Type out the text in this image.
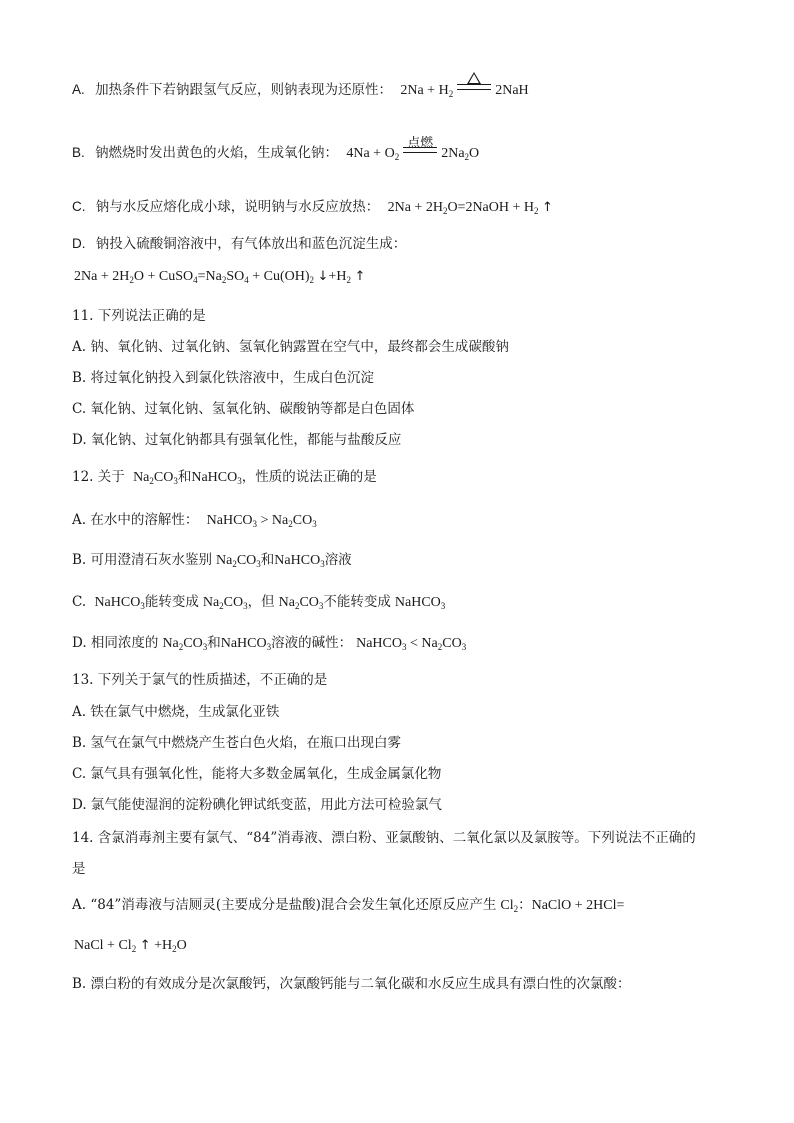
A. 加热条件下若钠跟氢气反应，则钠表现为还原性： $2Na + H_2$	2NaH
B. 钠燃烧时发出黄色的火焰，生成氧化钠： $4Na + O_2$
点燃
$2Na_2O$
C. 钠与水反应熔化成小球，说明钠与水反应放热： $2Na + 2H_2O=2NaOH + H_2$ ↑
D. 钠投入硫酸铜溶液中，有气体放出和蓝色沉淀生成：
$2Na + 2H_2O$ + $CuSO_4=Na_2SO_4 + Cu(OH)_2$ $↓+H_2$ ↑
11. 下列说法正确的是
A. 钠、氧化钠、过氧化钠、氢氧化钠露置在空气中，最终都会生成碳酸钠
B. 将过氧化钠投入到氯化铁溶液中，生成白色沉淀
C. 氧化钠、过氧化钠、氢氧化钠、碳酸钠等都是白色固体
D. 氧化钠、过氧化钠都具有强氧化性，都能与盐酸反应
12. 关于 $Na_2CO_3$和NaHCO$_3$，性质的说法正确的是
A. 在水中的溶解性： NaHCO$_3$ > $Na_2CO_3$
B. 可用澄清石灰水鉴别 $Na_2CO_3$和NaHCO$_3$溶液
C. NaHCO$_3$能转变成 $Na_2CO_3$，但 $Na_2CO_3$不能转变成 NaHCO$_3$
D. 相同浓度的 $Na_2CO_3$和NaHCO$_3$溶液的碱性： NaHCO$_3$ < $Na_2CO_3$
13. 下列关于氯气的性质描述，不正确的是
A. 铁在氯气中燃烧，生成氯化亚铁
B. 氢气在氯气中燃烧产生苍白色火焰，在瓶口出现白雾
C. 氯气具有强氧化性，能将大多数金属氧化，生成金属氯化物
D. 氯气能使湿润的淀粉碘化钾试纸变蓝，用此方法可检验氯气
14. 含氯消毒剂主要有氯气、“84”消毒液、漂白粉、亚氯酸钠、二氧化氯以及氯胺等。下列说法不正确的
是
A. “84”消毒液与洁厕灵(主要成分是盐酸)混合会发生氧化还原反应产生 $Cl_2$：NaClO + 2HCl=
NaCl + $Cl_2$ ↑ $+H_2O$
B. 漂白粉的有效成分是次氯酸钙，次氯酸钙能与二氧化碳和水反应生成具有漂白性的次氯酸：
